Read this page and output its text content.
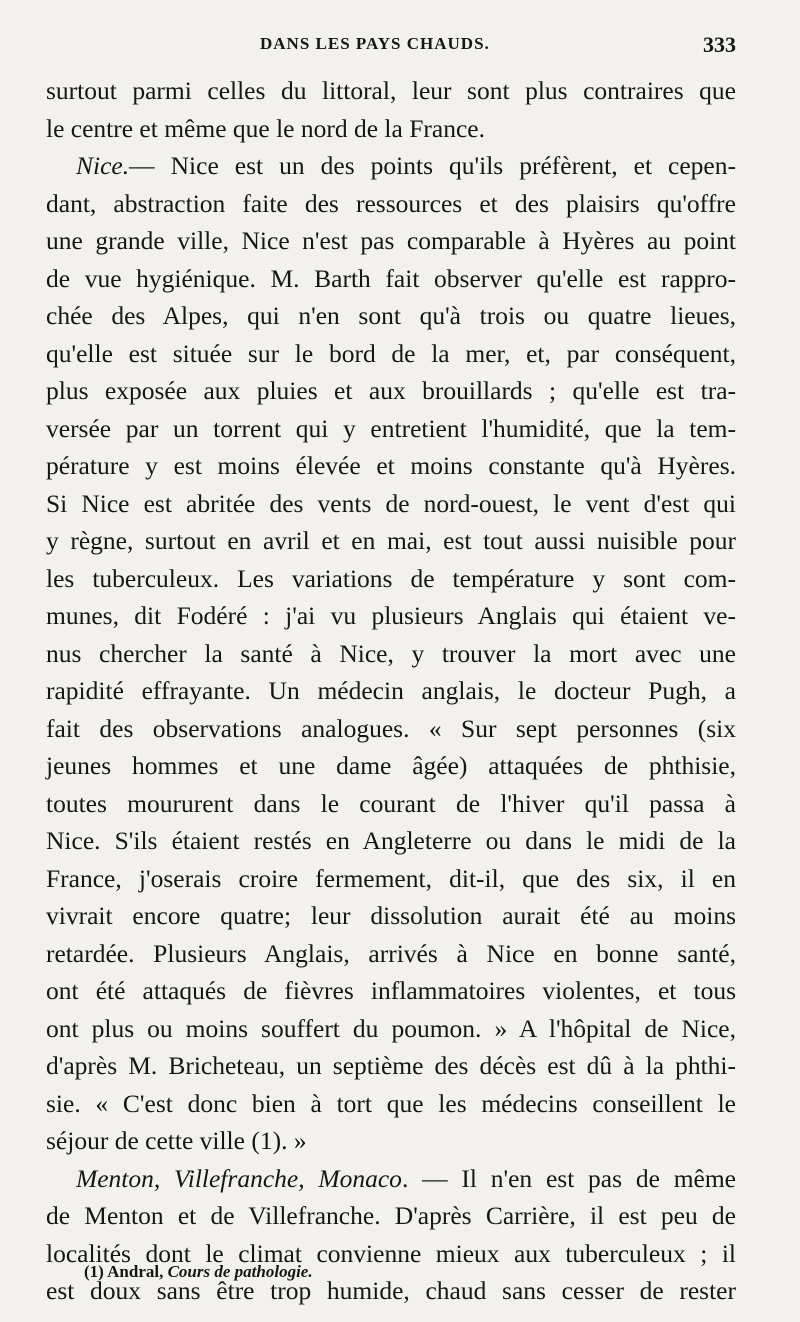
DANS LES PAYS CHAUDS.	333
surtout parmi celles du littoral, leur sont plus contraires que
le centre et même que le nord de la France.
Nice.— Nice est un des points qu'ils préfèrent, et cepen-
dant, abstraction faite des ressources et des plaisirs qu'offre
une grande ville, Nice n'est pas comparable à Hyères au point
de vue hygiénique. M. Barth fait observer qu'elle est rappro-
chée des Alpes, qui n'en sont qu'à trois ou quatre lieues,
qu'elle est située sur le bord de la mer, et, par conséquent,
plus exposée aux pluies et aux brouillards ; qu'elle est tra-
versée par un torrent qui y entretient l'humidité, que la tem-
pérature y est moins élevée et moins constante qu'à Hyères.
Si Nice est abritée des vents de nord-ouest, le vent d'est qui
y règne, surtout en avril et en mai, est tout aussi nuisible pour
les tuberculeux. Les variations de température y sont com-
munes, dit Fodéré : j'ai vu plusieurs Anglais qui étaient ve-
nus chercher la santé à Nice, y trouver la mort avec une
rapidité effrayante. Un médecin anglais, le docteur Pugh, a
fait des observations analogues. « Sur sept personnes (six
jeunes hommes et une dame âgée) attaquées de phthisie,
toutes moururent dans le courant de l'hiver qu'il passa à
Nice. S'ils étaient restés en Angleterre ou dans le midi de la
France, j'oserais croire fermement, dit-il, que des six, il en
vivrait encore quatre; leur dissolution aurait été au moins
retardée. Plusieurs Anglais, arrivés à Nice en bonne santé,
ont été attaqués de fièvres inflammatoires violentes, et tous
ont plus ou moins souffert du poumon. » A l'hôpital de Nice,
d'après M. Bricheteau, un septième des décès est dû à la phthi-
sie. « C'est donc bien à tort que les médecins conseillent le
séjour de cette ville (1). »
Menton, Villefranche, Monaco. — Il n'en est pas de même
de Menton et de Villefranche. D'après Carrière, il est peu de
localités dont le climat convienne mieux aux tuberculeux ; il
est doux sans être trop humide, chaud sans cesser de rester
(1) Andral, Cours de pathologie.
